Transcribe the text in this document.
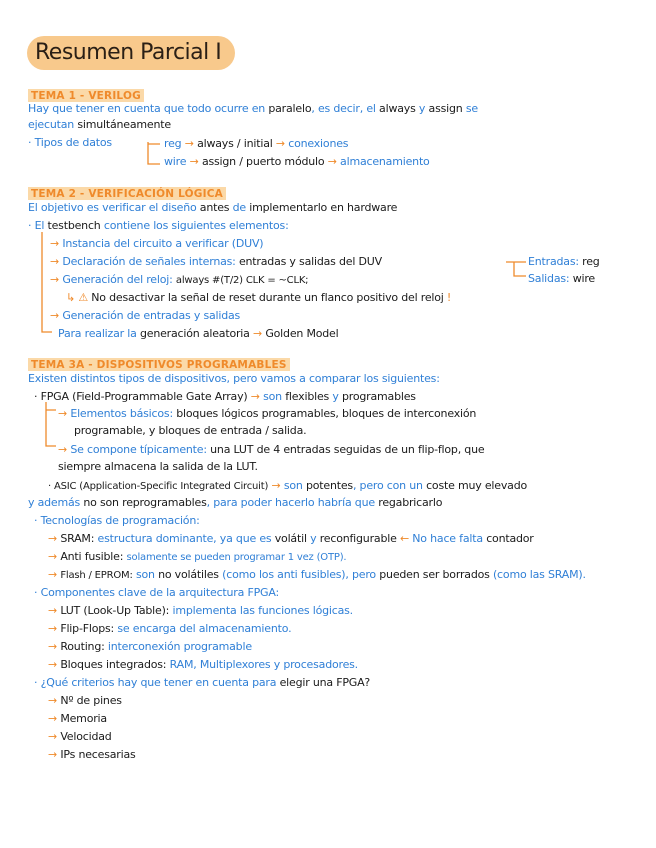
Resumen Parcial I
TEMA 1 - VERILOG
Hay que tener en cuenta que todo ocurre en paralelo, es decir, el always y assign se
ejecutan simultáneamente
· Tipos de datos	reg → always / initial → conexiones
wire → assign / puerto módulo → almacenamiento
TEMA 2 - VERIFICACIÓN LÓGICA
El objetivo es verificar el diseño antes de implementarlo en hardware
· El testbench contiene los siguientes elementos:
→ Instancia del circuito a verificar (DUV)
→ Declaración de señales internas: entradas y salidas del DUV	Entradas: reg
Salidas: wire
→ Generación del reloj: always #(T/2) CLK = ~CLK;
↳ ⚠ No desactivar la señal de reset durante un flanco positivo del reloj !
→ Generación de entradas y salidas
Para realizar la generación aleatoria → Golden Model
TEMA 3A - DISPOSITIVOS PROGRAMABLES
Existen distintos tipos de dispositivos, pero vamos a comparar los siguientes:
· FPGA (Field-Programmable Gate Array) → son flexibles y programables
→ Elementos básicos: bloques lógicos programables, bloques de interconexión
programable, y bloques de entrada / salida.
→ Se compone típicamente: una LUT de 4 entradas seguidas de un flip-flop, que
siempre almacena la salida de la LUT.
· ASIC (Application-Specific Integrated Circuit) → son potentes, pero con un coste muy elevado
y además no son reprogramables, para poder hacerlo habría que regabricarlo
· Tecnologías de programación:
→ SRAM: estructura dominante, ya que es volátil y reconfigurable ← No hace falta contador
→ Anti fusible: solamente se pueden programar 1 vez (OTP).
→ Flash / EPROM: son no volátiles (como los anti fusibles), pero pueden ser borrados (como las SRAM).
· Componentes clave de la arquitectura FPGA:
→ LUT (Look-Up Table): implementa las funciones lógicas.
→ Flip-Flops: se encarga del almacenamiento.
→ Routing: interconexión programable
→ Bloques integrados: RAM, Multiplexores y procesadores.
· ¿Qué criterios hay que tener en cuenta para elegir una FPGA?
→ Nº de pines
→ Memoria
→ Velocidad
→ IPs necesarias
